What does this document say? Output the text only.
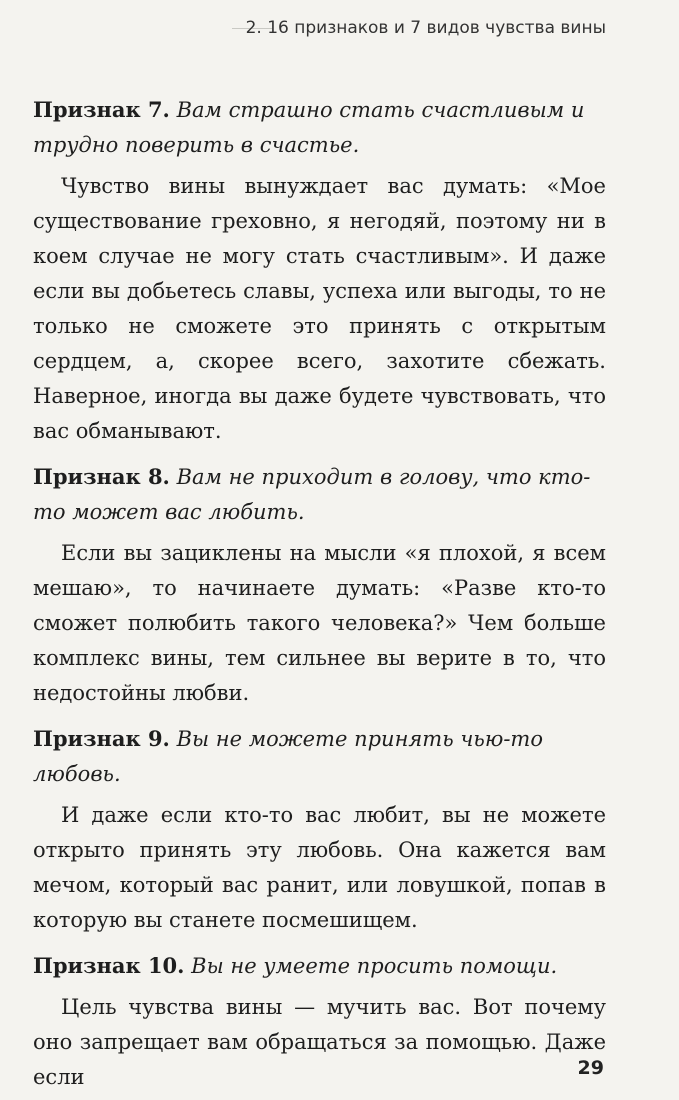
2. 16 признаков и 7 видов чувства вины

Признак 7. Вам страшно стать счастливым и трудно поверить в счастье.

Чувство вины вынуждает вас думать: «Мое существование греховно, я негодяй, поэтому ни в коем случае не могу стать счастливым». И даже если вы добьетесь славы, успеха или выгоды, то не только не сможете это принять с открытым сердцем, а, скорее всего, захотите сбежать. Наверное, иногда вы даже будете чувствовать, что вас обманывают.

Признак 8. Вам не приходит в голову, что кто-то может вас любить.

Если вы зациклены на мысли «я плохой, я всем мешаю», то начинаете думать: «Разве кто-то сможет полюбить такого человека?» Чем больше комплекс вины, тем сильнее вы верите в то, что недостойны любви.

Признак 9. Вы не можете принять чью-то любовь.

И даже если кто-то вас любит, вы не можете открыто принять эту любовь. Она кажется вам мечом, который вас ранит, или ловушкой, попав в которую вы станете посмешищем.

Признак 10. Вы не умеете просить помощи.

Цель чувства вины — мучить вас. Вот почему оно запрещает вам обращаться за помощью. Даже если	29
